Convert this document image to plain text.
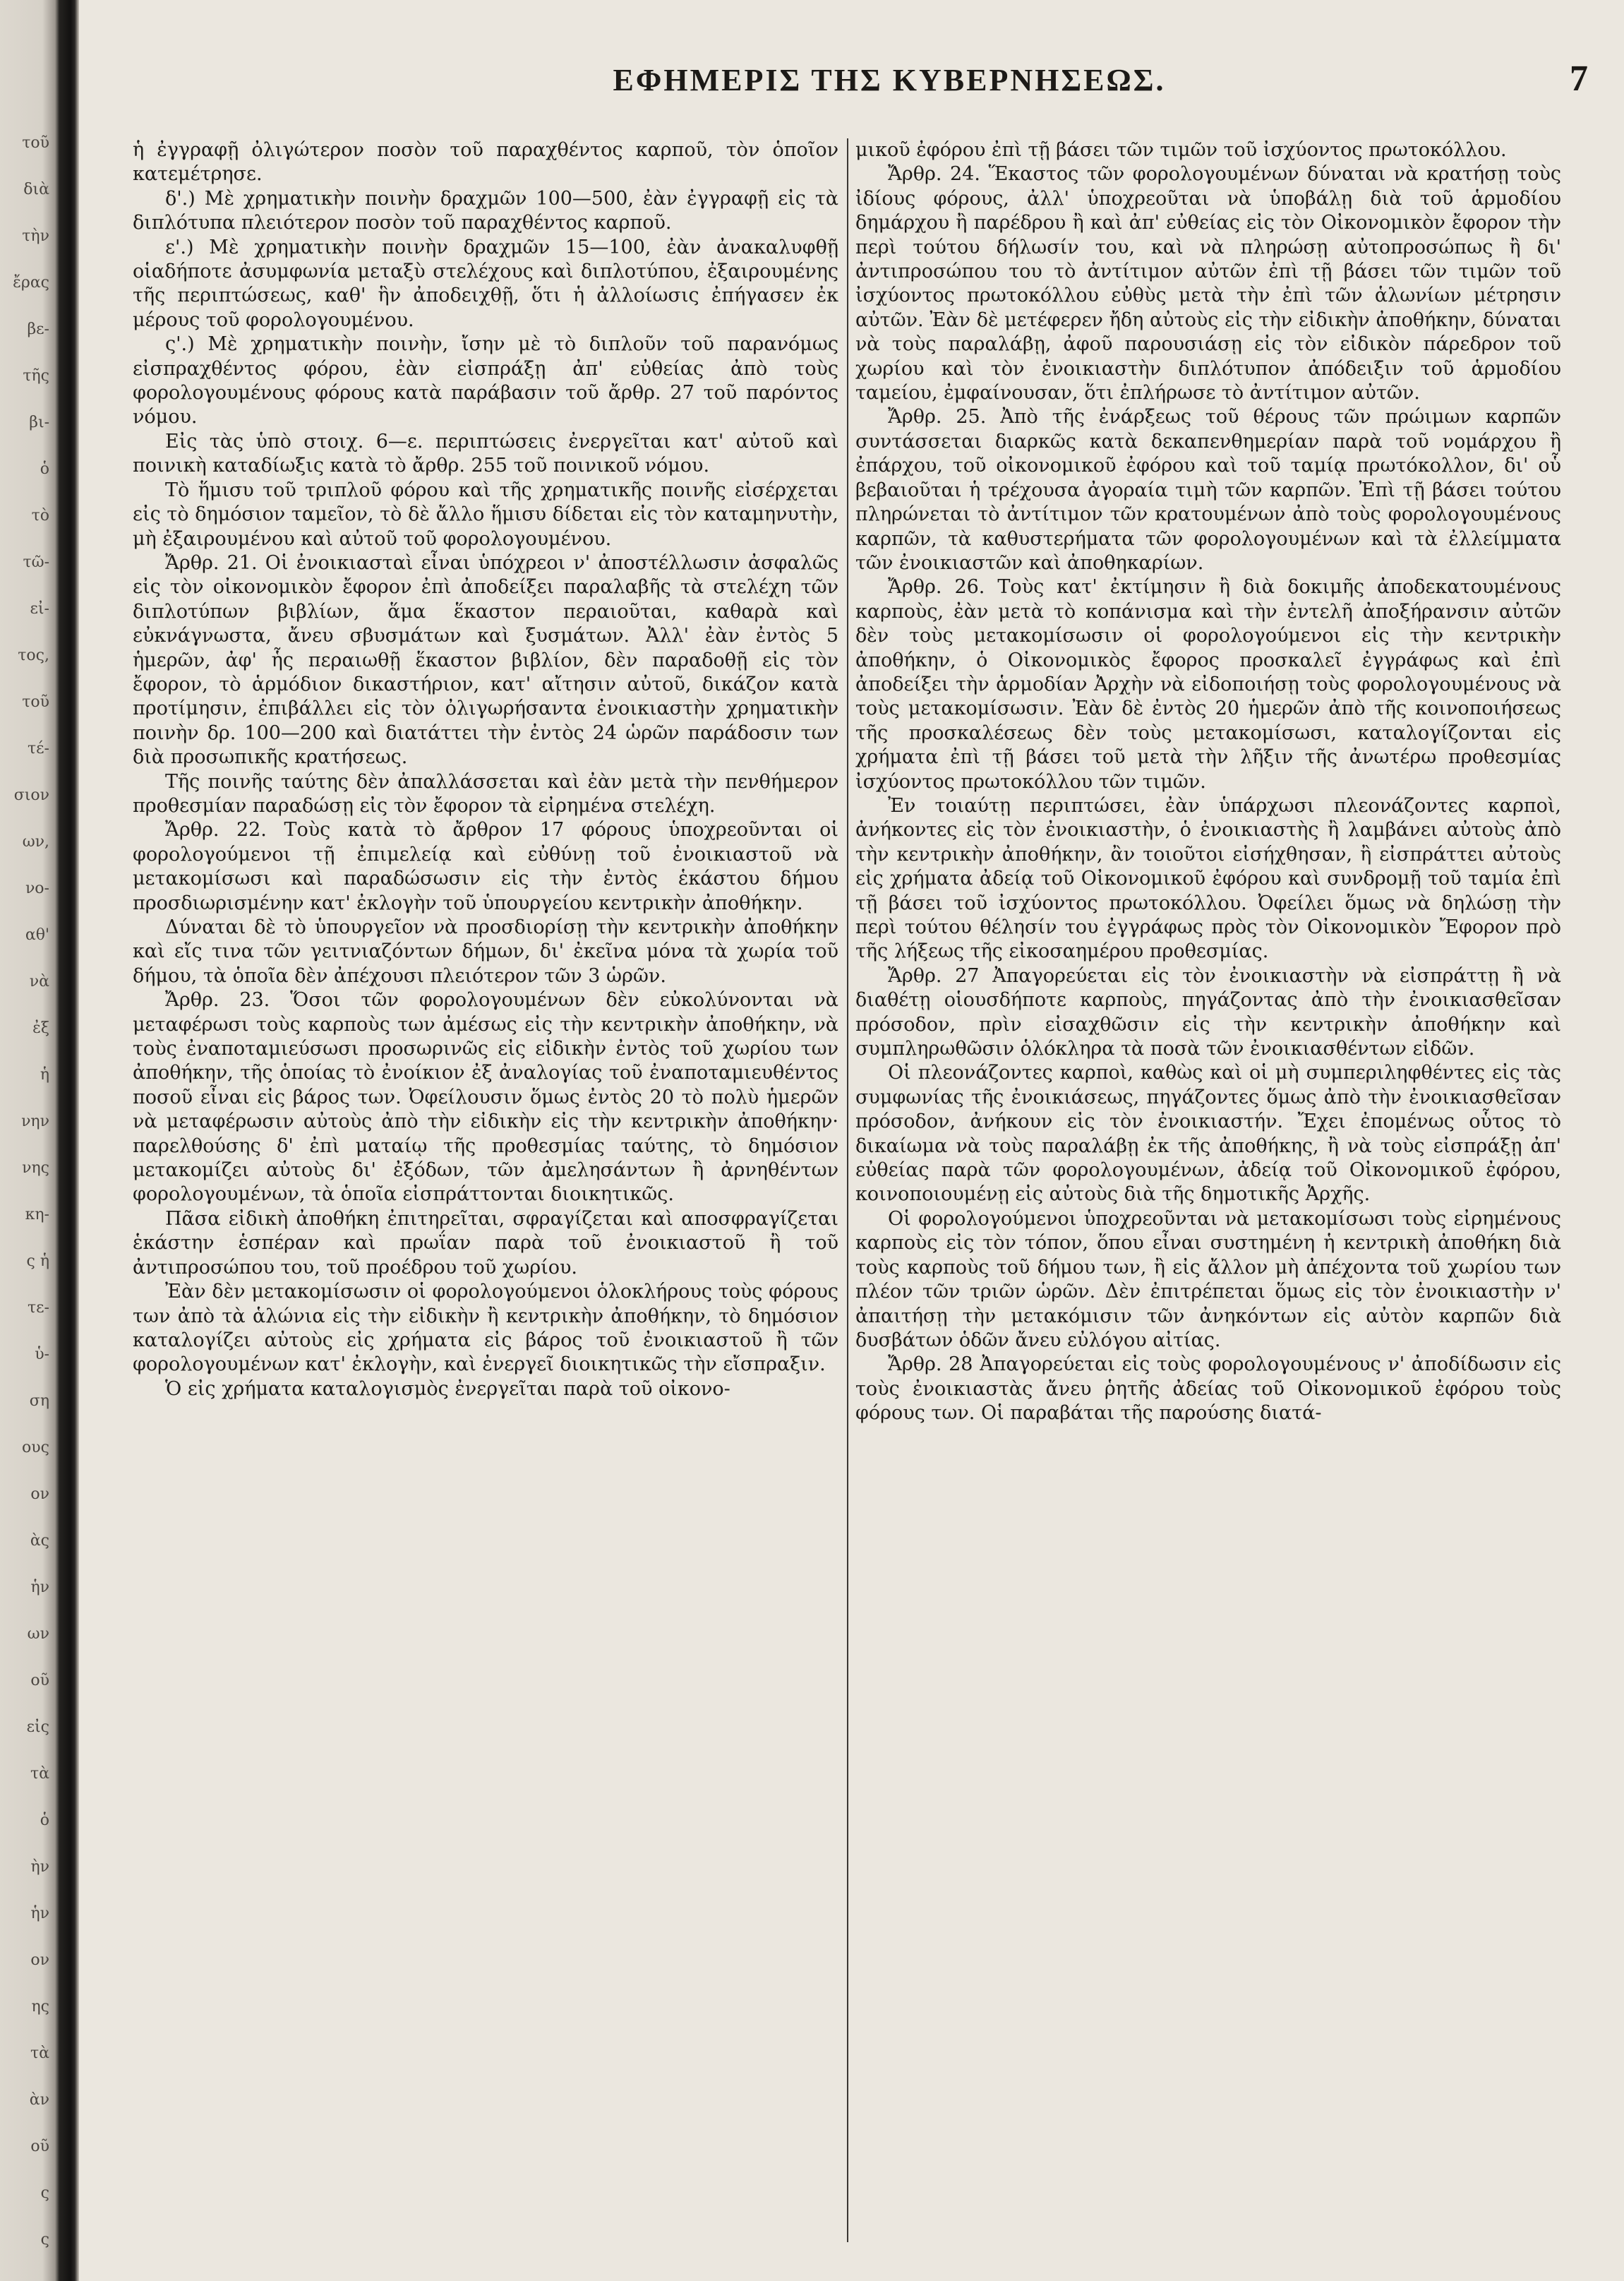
τοῦ
διὰ
τὴν
ἔρας
βε-
τῆς
βι-
ὁ
τὸ
τῶ-
εἰ-
τος,
τοῦ
τέ-
σιον
ων,
νο-
αθ'
νὰ
ἐξ
ἡ
νην
νης
κη-
ς ἡ
τε-
ὑ-
ση
ους
ον
ὰς
ἡν
ων
οῦ
εἰς
τὰ
ὁ
ὴν
ἡν
ον
ης
τὰ
ὰν
οῦ
ς
ς
ΕΦΗΜΕΡΙΣ ΤΗΣ ΚΥΒΕΡΝΗΣΕΩΣ.	7

ἡ ἐγγραφῇ ὀλιγώτερον ποσὸν τοῦ παραχθέντος καρποῦ, τὸν ὁποῖον κατεμέτρησε.

δ'.) Μὲ χρηματικὴν ποινὴν δραχμῶν 100—500, ἐὰν ἐγγραφῇ εἰς τὰ διπλότυπα πλειότερον ποσὸν τοῦ παραχθέντος καρποῦ.

ε'.) Μὲ χρηματικὴν ποινὴν δραχμῶν 15—100, ἐὰν ἀνακαλυφθῇ οἱαδήποτε ἀσυμφωνία μεταξὺ στελέχους καὶ διπλοτύπου, ἐξαιρουμένης τῆς περιπτώσεως, καθ' ἣν ἀποδειχθῇ, ὅτι ἡ ἀλλοίωσις ἐπήγασεν ἐκ μέρους τοῦ φορολογουμένου.

ς'.) Μὲ χρηματικὴν ποινὴν, ἴσην μὲ τὸ διπλοῦν τοῦ παρανόμως εἰσπραχθέντος φόρου, ἐὰν εἰσπράξῃ ἀπ' εὐθείας ἀπὸ τοὺς φορολογουμένους φόρους κατὰ παράβασιν τοῦ ἄρθρ. 27 τοῦ παρόντος νόμου.

Εἰς τὰς ὑπὸ στοιχ. 6—ε. περιπτώσεις ἐνεργεῖται κατ' αὐτοῦ καὶ ποινικὴ καταδίωξις κατὰ τὸ ἄρθρ. 255 τοῦ ποινικοῦ νόμου.

Τὸ ἥμισυ τοῦ τριπλοῦ φόρου καὶ τῆς χρηματικῆς ποινῆς εἰσέρχεται εἰς τὸ δημόσιον ταμεῖον, τὸ δὲ ἄλλο ἥμισυ δίδεται εἰς τὸν καταμηνυτὴν, μὴ ἐξαιρουμένου καὶ αὐτοῦ τοῦ φορολογουμένου.

Ἄρθρ. 21. Οἱ ἐνοικιασταὶ εἶναι ὑπόχρεοι ν' ἀποστέλλωσιν ἀσφαλῶς εἰς τὸν οἰκονομικὸν ἔφορον ἐπὶ ἀποδείξει παραλαβῆς τὰ στελέχη τῶν διπλοτύπων βιβλίων, ἅμα ἕκαστον περαιοῦται, καθαρὰ καὶ εὐκνάγνωστα, ἄνευ σβυσμάτων καὶ ξυσμάτων. Ἀλλ' ἐὰν ἐντὸς 5 ἡμερῶν, ἀφ' ἧς περαιωθῇ ἕκαστον βιβλίον, δὲν παραδοθῇ εἰς τὸν ἔφορον, τὸ ἁρμόδιον δικαστήριον, κατ' αἴτησιν αὐτοῦ, δικάζον κατὰ προτίμησιν, ἐπιβάλλει εἰς τὸν ὀλιγωρήσαντα ἐνοικιαστὴν χρηματικὴν ποινὴν δρ. 100—200 καὶ διατάττει τὴν ἐντὸς 24 ὡρῶν παράδοσιν των διὰ προσωπικῆς κρατήσεως.

Τῆς ποινῆς ταύτης δὲν ἀπαλλάσσεται καὶ ἐὰν μετὰ τὴν πενθήμερον προθεσμίαν παραδώσῃ εἰς τὸν ἔφορον τὰ εἰρημένα στελέχη.

Ἄρθρ. 22. Τοὺς κατὰ τὸ ἄρθρον 17 φόρους ὑποχρεοῦνται οἱ φορολογούμενοι τῇ ἐπιμελείᾳ καὶ εὐθύνῃ τοῦ ἐνοικιαστοῦ νὰ μετακομίσωσι καὶ παραδώσωσιν εἰς τὴν ἐντὸς ἑκάστου δήμου προσδιωρισμένην κατ' ἐκλογὴν τοῦ ὑπουργείου κεντρικὴν ἀποθήκην.

Δύναται δὲ τὸ ὑπουργεῖον νὰ προσδιορίσῃ τὴν κεντρικὴν ἀποθήκην καὶ εἴς τινα τῶν γειτνιαζόντων δήμων, δι' ἐκεῖνα μόνα τὰ χωρία τοῦ δήμου, τὰ ὁποῖα δὲν ἀπέχουσι πλειότερον τῶν 3 ὡρῶν.

Ἄρθρ. 23. Ὅσοι τῶν φορολογουμένων δὲν εὐκολύνονται νὰ μεταφέρωσι τοὺς καρποὺς των ἀμέσως εἰς τὴν κεντρικὴν ἀποθήκην, νὰ τοὺς ἐναποταμιεύσωσι προσωρινῶς εἰς εἰδικὴν ἐντὸς τοῦ χωρίου των ἀποθήκην, τῆς ὁποίας τὸ ἐνοίκιον ἐξ ἀναλογίας τοῦ ἐναποταμιευθέντος ποσοῦ εἶναι εἰς βάρος των. Ὀφείλουσιν ὅμως ἐντὸς 20 τὸ πολὺ ἡμερῶν νὰ μεταφέρωσιν αὐτοὺς ἀπὸ τὴν εἰδικὴν εἰς τὴν κεντρικὴν ἀποθήκην· παρελθούσης δ' ἐπὶ ματαίῳ τῆς προθεσμίας ταύτης, τὸ δημόσιον μετακομίζει αὐτοὺς δι' ἐξόδων, τῶν ἀμελησάντων ἢ ἀρνηθέντων φορολογουμένων, τὰ ὁποῖα εἰσπράττονται διοικητικῶς.

Πᾶσα εἰδικὴ ἀποθήκη ἐπιτηρεῖται, σφραγίζεται καὶ αποσφραγίζεται ἑκάστην ἑσπέραν καὶ πρωΐαν παρὰ τοῦ ἐνοικιαστοῦ ἢ τοῦ ἀντιπροσώπου του, τοῦ προέδρου τοῦ χωρίου.

Ἐὰν δὲν μετακομίσωσιν οἱ φορολογούμενοι ὁλοκλήρους τοὺς φόρους των ἀπὸ τὰ ἁλώνια εἰς τὴν εἰδικὴν ἢ κεντρικὴν ἀποθήκην, τὸ δημόσιον καταλογίζει αὐτοὺς εἰς χρήματα εἰς βάρος τοῦ ἐνοικιαστοῦ ἢ τῶν φορολογουμένων κατ' ἐκλογὴν, καὶ ἐνεργεῖ διοικητικῶς τὴν εἴσπραξιν.

Ὁ εἰς χρήματα καταλογισμὸς ἐνεργεῖται παρὰ τοῦ οἰκονο-

μικοῦ ἐφόρου ἐπὶ τῇ βάσει τῶν τιμῶν τοῦ ἰσχύοντος πρωτοκόλλου.

Ἄρθρ. 24. Ἕκαστος τῶν φορολογουμένων δύναται νὰ κρατήσῃ τοὺς ἰδίους φόρους, ἀλλ' ὑποχρεοῦται νὰ ὑποβάλῃ διὰ τοῦ ἁρμοδίου δημάρχου ἢ παρέδρου ἢ καὶ ἀπ' εὐθείας εἰς τὸν Οἰκονομικὸν ἔφορον τὴν περὶ τούτου δήλωσίν του, καὶ νὰ πληρώσῃ αὐτοπροσώπως ἢ δι' ἀντιπροσώπου του τὸ ἀντίτιμον αὐτῶν ἐπὶ τῇ βάσει τῶν τιμῶν τοῦ ἰσχύοντος πρωτοκόλλου εὐθὺς μετὰ τὴν ἐπὶ τῶν ἁλωνίων μέτρησιν αὐτῶν. Ἐὰν δὲ μετέφερεν ἤδη αὐτοὺς εἰς τὴν εἰδικὴν ἀποθήκην, δύναται νὰ τοὺς παραλάβῃ, ἀφοῦ παρουσιάσῃ εἰς τὸν εἰδικὸν πάρεδρον τοῦ χωρίου καὶ τὸν ἐνοικιαστὴν διπλότυπον ἀπόδειξιν τοῦ ἁρμοδίου ταμείου, ἐμφαίνουσαν, ὅτι ἐπλήρωσε τὸ ἀντίτιμον αὐτῶν.

Ἄρθρ. 25. Ἀπὸ τῆς ἐνάρξεως τοῦ θέρους τῶν πρώιμων καρπῶν συντάσσεται διαρκῶς κατὰ δεκαπενθημερίαν παρὰ τοῦ νομάρχου ἢ ἐπάρχου, τοῦ οἰκονομικοῦ ἐφόρου καὶ τοῦ ταμίᾳ πρωτόκολλον, δι' οὗ βεβαιοῦται ἡ τρέχουσα ἀγοραία τιμὴ τῶν καρπῶν. Ἐπὶ τῇ βάσει τούτου πληρώνεται τὸ ἀντίτιμον τῶν κρατουμένων ἀπὸ τοὺς φορολογουμένους καρπῶν, τὰ καθυστερήματα τῶν φορολογουμένων καὶ τὰ ἐλλείμματα τῶν ἐνοικιαστῶν καὶ ἀποθηκαρίων.

Ἄρθρ. 26. Τοὺς κατ' ἐκτίμησιν ἢ διὰ δοκιμῆς ἀποδεκατουμένους καρποὺς, ἐὰν μετὰ τὸ κοπάνισμα καὶ τὴν ἐντελῆ ἀποξήρανσιν αὐτῶν δὲν τοὺς μετακομίσωσιν οἱ φορολογούμενοι εἰς τὴν κεντρικὴν ἀποθήκην, ὁ Οἰκονομικὸς ἔφορος προσκαλεῖ ἐγγράφως καὶ ἐπὶ ἀποδείξει τὴν ἁρμοδίαν Ἀρχὴν νὰ εἰδοποιήσῃ τοὺς φορολογουμένους νὰ τοὺς μετακομίσωσιν. Ἐὰν δὲ ἐντὸς 20 ἡμερῶν ἀπὸ τῆς κοινοποιήσεως τῆς προσκαλέσεως δὲν τοὺς μετακομίσωσι, καταλογίζονται εἰς χρήματα ἐπὶ τῇ βάσει τοῦ μετὰ τὴν λῆξιν τῆς ἀνωτέρω προθεσμίας ἰσχύοντος πρωτοκόλλου τῶν τιμῶν.

Ἐν τοιαύτῃ περιπτώσει, ἐὰν ὑπάρχωσι πλεονάζοντες καρποὶ, ἀνήκοντες εἰς τὸν ἐνοικιαστὴν, ὁ ἐνοικιαστὴς ἢ λαμβάνει αὐτοὺς ἀπὸ τὴν κεντρικὴν ἀποθήκην, ἂν τοιοῦτοι εἰσήχθησαν, ἢ εἰσπράττει αὐτοὺς εἰς χρήματα ἀδείᾳ τοῦ Οἰκονομικοῦ ἐφόρου καὶ συνδρομῇ τοῦ ταμία ἐπὶ τῇ βάσει τοῦ ἰσχύοντος πρωτοκόλλου. Ὀφείλει ὅμως νὰ δηλώσῃ τὴν περὶ τούτου θέλησίν του ἐγγράφως πρὸς τὸν Οἰκονομικὸν Ἔφορον πρὸ τῆς λήξεως τῆς εἰκοσαημέρου προθεσμίας.

Ἄρθρ. 27 Ἀπαγορεύεται εἰς τὸν ἐνοικιαστὴν νὰ εἰσπράττῃ ἢ νὰ διαθέτῃ οἱουσδήποτε καρποὺς, πηγάζοντας ἀπὸ τὴν ἐνοικιασθεῖσαν πρόσοδον, πρὶν εἰσαχθῶσιν εἰς τὴν κεντρικὴν ἀποθήκην καὶ συμπληρωθῶσιν ὁλόκληρα τὰ ποσὰ τῶν ἐνοικιασθέντων εἰδῶν.

Οἱ πλεονάζοντες καρποὶ, καθὼς καὶ οἱ μὴ συμπεριληφθέντες εἰς τὰς συμφωνίας τῆς ἐνοικιάσεως, πηγάζοντες ὅμως ἀπὸ τὴν ἐνοικιασθεῖσαν πρόσοδον, ἀνήκουν εἰς τὸν ἐνοικιαστήν. Ἔχει ἐπομένως οὗτος τὸ δικαίωμα νὰ τοὺς παραλάβῃ ἐκ τῆς ἀποθήκης, ἢ νὰ τοὺς εἰσπράξῃ ἀπ' εὐθείας παρὰ τῶν φορολογουμένων, ἀδείᾳ τοῦ Οἰκονομικοῦ ἐφόρου, κοινοποιουμένῃ εἰς αὐτοὺς διὰ τῆς δημοτικῆς Ἀρχῆς.

Οἱ φορολογούμενοι ὑποχρεοῦνται νὰ μετακομίσωσι τοὺς εἰρημένους καρποὺς εἰς τὸν τόπον, ὅπου εἶναι συστημένη ἡ κεντρικὴ ἀποθήκη διὰ τοὺς καρποὺς τοῦ δήμου των, ἢ εἰς ἄλλον μὴ ἀπέχοντα τοῦ χωρίου των πλέον τῶν τριῶν ὡρῶν. Δὲν ἐπιτρέπεται ὅμως εἰς τὸν ἐνοικιαστὴν ν' ἀπαιτήσῃ τὴν μετακόμισιν τῶν ἀνηκόντων εἰς αὐτὸν καρπῶν διὰ δυσβάτων ὁδῶν ἄνευ εὐλόγου αἰτίας.

Ἄρθρ. 28 Ἀπαγορεύεται εἰς τοὺς φορολογουμένους ν' ἀποδίδωσιν εἰς τοὺς ἐνοικιαστὰς ἄνευ ῥητῆς ἀδείας τοῦ Οἰκονομικοῦ ἐφόρου τοὺς φόρους των. Οἱ παραβάται τῆς παρούσης διατά-
